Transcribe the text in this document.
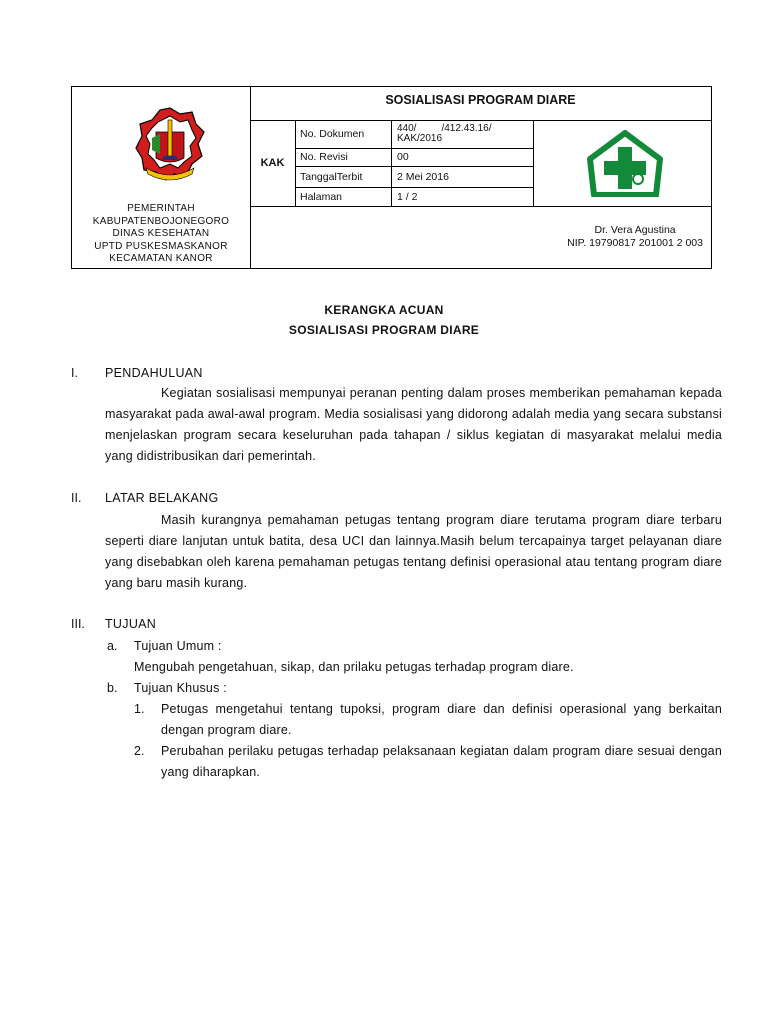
PEMERINTAH
KABUPATENBOJONEGORO
DINAS KESEHATAN
UPTD PUSKESMASKANOR
KECAMATAN KANOR
SOSIALISASI PROGRAM DIARE
KAK
No. Dokumen	440/         /412.43.16/
KAK/2016

No. Revisi	00
TanggalTerbit	2 Mei 2016
Halaman	1 / 2
Dr. Vera Agustina
NIP. 19790817 201001 2 003
KERANGKA ACUAN
SOSIALISASI PROGRAM DIARE
I. PENDAHULUAN
Kegiatan sosialisasi mempunyai peranan penting dalam proses memberikan pemahaman kepada masyarakat pada awal-awal program. Media sosialisasi yang didorong adalah media yang secara substansi menjelaskan program secara keseluruhan pada tahapan / siklus kegiatan di masyarakat melalui media yang didistribusikan dari pemerintah.
II. LATAR BELAKANG
Masih kurangnya pemahaman petugas tentang program diare terutama program diare terbaru seperti diare lanjutan untuk batita, desa UCI dan lainnya.Masih belum tercapainya target pelayanan diare yang disebabkan oleh karena pemahaman petugas tentang definisi operasional atau tentang program diare yang baru masih kurang.
III. TUJUAN
a. Tujuan Umum :
Mengubah pengetahuan, sikap, dan prilaku petugas terhadap program diare.
b. Tujuan Khusus :
1. Petugas mengetahui tentang tupoksi, program diare dan definisi operasional yang berkaitan dengan program diare.
2. Perubahan perilaku petugas terhadap pelaksanaan kegiatan dalam program diare sesuai dengan yang diharapkan.
